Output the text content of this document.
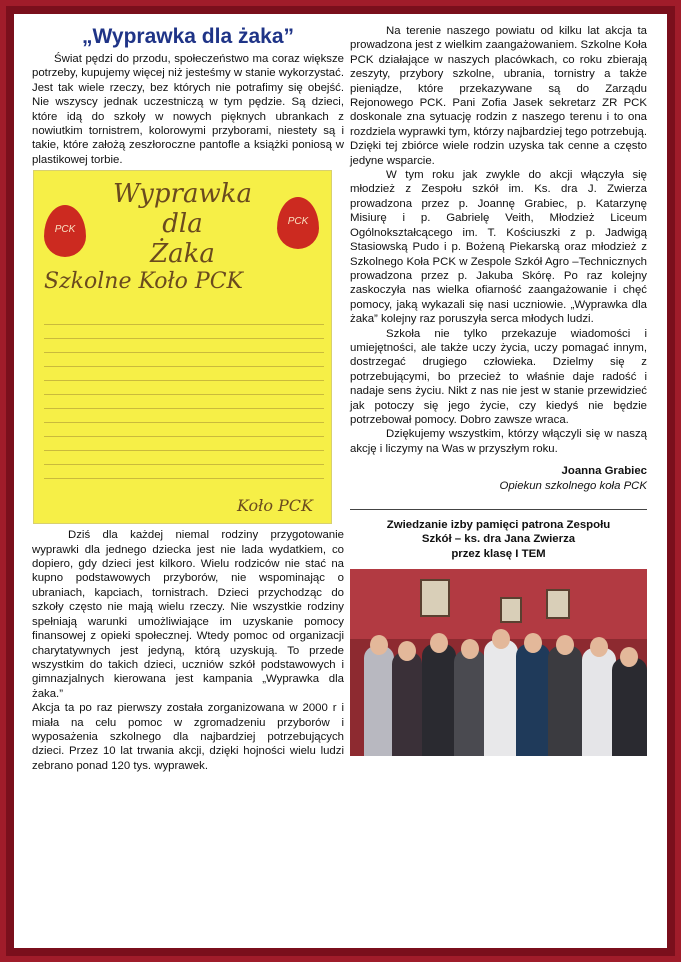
„Wyprawka dla żaka”

Świat pędzi do przodu, społeczeństwo ma coraz większe potrzeby, kupujemy więcej niż jesteśmy w stanie wykorzystać. Jest tak wiele rzeczy, bez których nie potrafimy się obejść. Nie wszyscy jednak uczestniczą w tym pędzie. Są dzieci, które idą do szkoły w nowych pięknych ubrankach z nowiutkim tornistrem, kolorowymi przyborami, niestety są i takie, które założą zeszłoroczne pantofle a książki poniosą w plastikowej torbie.

PCK
PCK
Wyprawka
dla
Żaka
Szkolne Koło PCK
Koło PCK

Dziś dla każdej niemal rodziny przygotowanie wyprawki dla jednego dziecka jest nie lada wydatkiem, co dopiero, gdy dzieci jest kilkoro. Wielu rodziców nie stać na kupno podstawowych przyborów, nie wspominając o ubraniach, kapciach, tornistrach. Dzieci przychodząc do szkoły często nie mają wielu rzeczy. Nie wszystkie rodziny spełniają warunki umożliwiające im uzyskanie pomocy finansowej z opieki społecznej. Wtedy pomoc od organizacji charytatywnych jest jedyną, którą uzyskują. To przede wszystkim do takich dzieci, uczniów szkół podstawowych i gimnazjalnych kierowana jest kampania „Wyprawka dla żaka.”

Akcja ta po raz pierwszy została zorganizowana w 2000 r i miała na celu pomoc w zgromadzeniu przyborów i wyposażenia szkolnego dla najbardziej potrzebujących dzieci. Przez 10 lat trwania akcji, dzięki hojności wielu ludzi zebrano ponad 120 tys. wyprawek.

Na terenie naszego powiatu od kilku lat akcja ta prowadzona jest z wielkim zaangażowaniem. Szkolne Koła PCK działające w naszych placówkach, co roku zbierają zeszyty, przybory szkolne, ubrania, tornistry a także pieniądze, które przekazywane są do Zarządu Rejonowego PCK. Pani Zofia Jasek sekretarz ZR PCK doskonale zna sytuację rodzin z naszego terenu i to ona rozdziela wyprawki tym, którzy najbardziej tego potrzebują. Dzięki tej zbiórce wiele rodzin uzyska tak cenne a często jedyne wsparcie.

W tym roku jak zwykle do akcji włączyła się młodzież z Zespołu szkół im. Ks. dra J. Zwierza prowadzona przez p. Joannę Grabiec, p. Katarzynę Misiurę i p. Gabrielę Veith, Młodzież Liceum Ogólnokształcącego im. T. Kościuszki z p. Jadwigą Stasiowską Pudo i p. Bożeną Piekarską oraz młodzież z Szkolnego Koła PCK w Zespole Szkół Agro –Technicznych prowadzona przez p. Jakuba Skórę. Po raz kolejny zaskoczyła nas wielka ofiarność zaangażowanie i chęć pomocy, jaką wykazali się nasi uczniowie. „Wyprawka dla żaka” kolejny raz poruszyła serca młodych ludzi.

Szkoła nie tylko przekazuje wiadomości i umiejętności, ale także uczy życia, uczy pomagać innym, dostrzegać drugiego człowieka. Dzielmy się z potrzebującymi, bo przecież to właśnie daje radość i nadaje sens życiu. Nikt z nas nie jest w stanie przewidzieć jak potoczy się jego życie, czy kiedyś nie będzie potrzebował pomocy. Dobro zawsze wraca.

Dziękujemy wszystkim, którzy włączyli się w naszą akcję i liczymy na Was w przyszłym roku.

Joanna Grabiec
Opiekun szkolnego koła PCK
Zwiedzanie izby pamięci patrona Zespołu
Szkół – ks. dra Jana Zwierza
przez klasę I TEM
